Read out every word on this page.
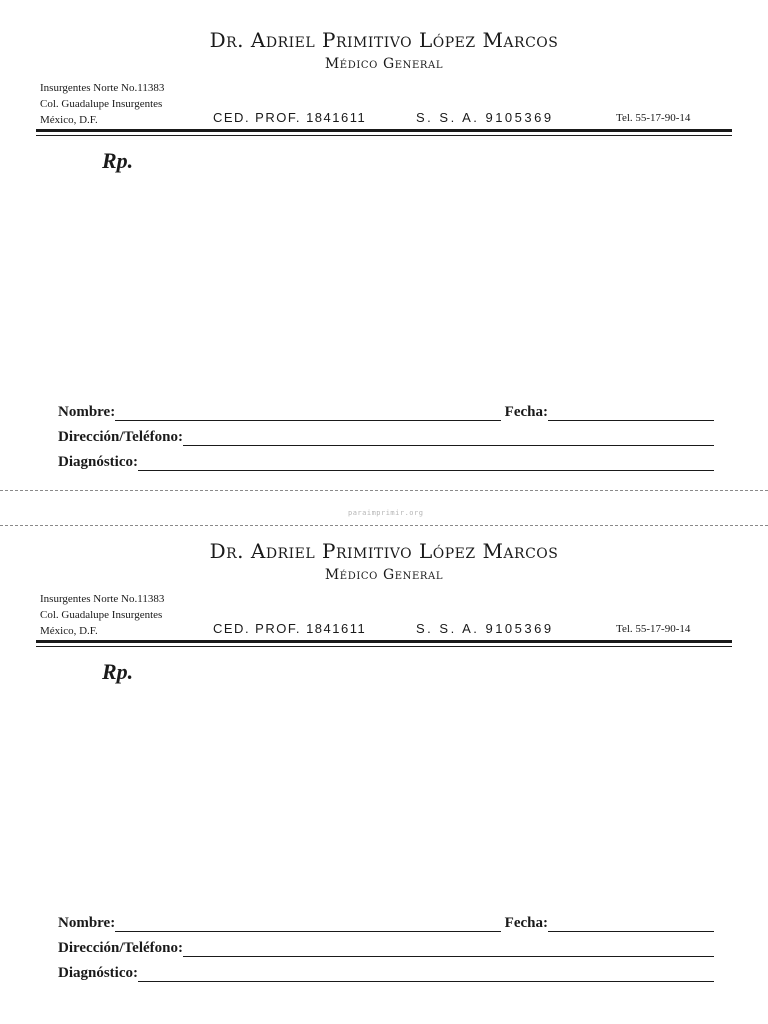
Dr. Adriel Primitivo López Marcos
Médico General
Insurgentes Norte No.11383
Col. Guadalupe Insurgentes
México, D.F.	CED. PROF. 1841611	S. S. A. 9105369	Tel. 55-17-90-14
Rp.
Nombre:	Fecha:
Dirección/Teléfono:
Diagnóstico:
paraimprimir.org
Dr. Adriel Primitivo López Marcos
Médico General
Insurgentes Norte No.11383
Col. Guadalupe Insurgentes
México, D.F.	CED. PROF. 1841611	S. S. A. 9105369	Tel. 55-17-90-14
Rp.
Nombre:	Fecha:
Dirección/Teléfono:
Diagnóstico:
